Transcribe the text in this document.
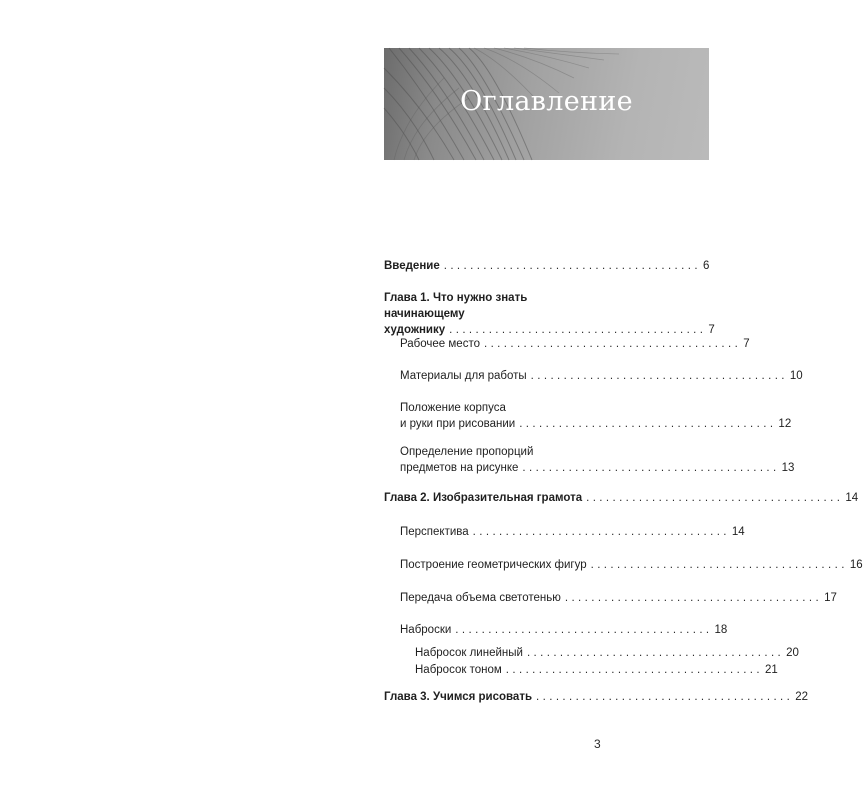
Оглавление
Введение ....................................... 6
Глава 1. Что нужно знать начинающему
художнику ....................................... 7
Рабочее место ....................................... 7
Материалы для работы ....................................... 10
Положение корпуса
и руки при рисовании ....................................... 12
Определение пропорций
предметов на рисунке ....................................... 13
Глава 2. Изобразительная грамота ....................................... 14
Перспектива ....................................... 14
Построение геометрических фигур ....................................... 16
Передача объема светотенью ....................................... 17
Наброски ....................................... 18
Набросок линейный ....................................... 20
Набросок тоном ....................................... 21
Глава 3. Учимся рисовать ....................................... 22
3
